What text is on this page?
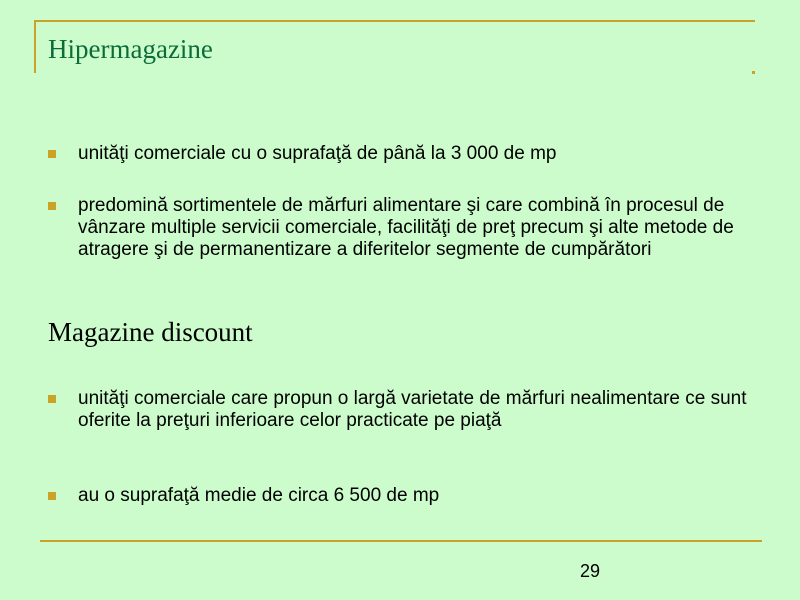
Hipermagazine
unităţi comerciale cu o suprafaţă de până la 3 000 de mp
predomină sortimentele de mărfuri alimentare şi care combină în procesul de vânzare multiple servicii comerciale, facilităţi de preţ precum şi alte metode de atragere şi de permanentizare a diferitelor segmente de cumpărători
Magazine discount
unităţi comerciale care propun o largă varietate de mărfuri nealimentare ce sunt oferite la preţuri inferioare celor practicate pe piaţă
au o suprafaţă medie de circa 6 500 de mp
29
